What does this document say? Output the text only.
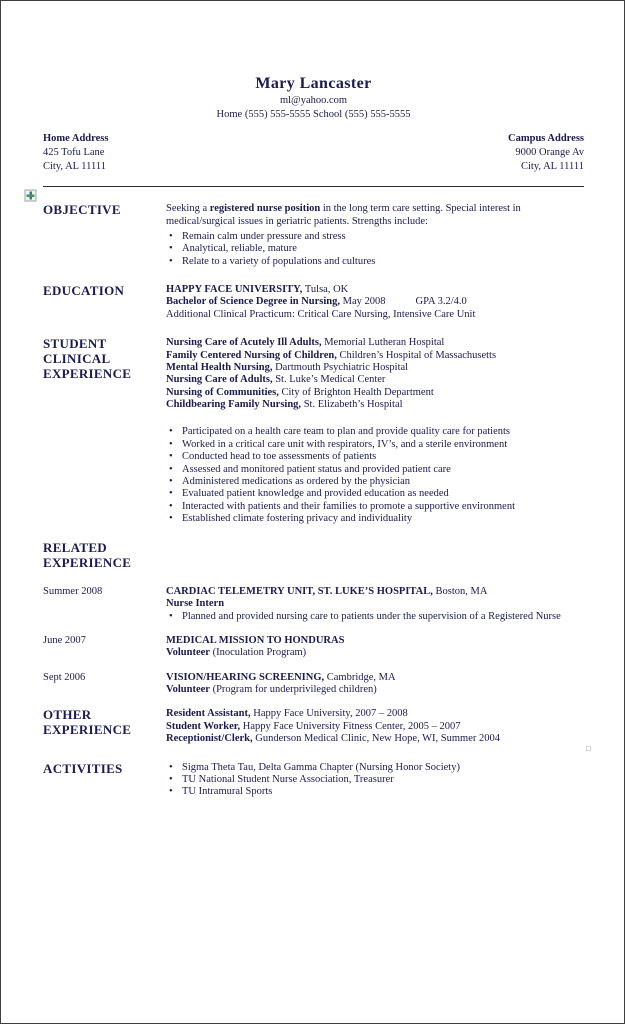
Mary Lancaster
ml@yahoo.com
Home (555) 555-5555 School (555) 555-5555
Home Address
425 Tofu Lane
City, AL 11111
Campus Address
9000 Orange Av
City, AL 11111
OBJECTIVE	Seeking a registered nurse position in the long term care setting. Special interest in medical/surgical issues in geriatric patients. Strengths include:
• Remain calm under pressure and stress
• Analytical, reliable, mature
• Relate to a variety of populations and cultures
EDUCATION	HAPPY FACE UNIVERSITY, Tulsa, OK
Bachelor of Science Degree in Nursing, May 2008	GPA 3.2/4.0
Additional Clinical Practicum: Critical Care Nursing, Intensive Care Unit
STUDENT
CLINICAL
EXPERIENCE
Nursing Care of Acutely Ill Adults, Memorial Lutheran Hospital
Family Centered Nursing of Children, Children’s Hospital of Massachusetts
Mental Health Nursing, Dartmouth Psychiatric Hospital
Nursing Care of Adults, St. Luke’s Medical Center
Nursing of Communities, City of Brighton Health Department
Childbearing Family Nursing, St. Elizabeth’s Hospital
• Participated on a health care team to plan and provide quality care for patients
• Worked in a critical care unit with respirators, IV’s, and a sterile environment
• Conducted head to toe assessments of patients
• Assessed and monitored patient status and provided patient care
• Administered medications as ordered by the physician
• Evaluated patient knowledge and provided education as needed
• Interacted with patients and their families to promote a supportive environment
• Established climate fostering privacy and individuality
RELATED
EXPERIENCE
Summer 2008	CARDIAC TELEMETRY UNIT, ST. LUKE’S HOSPITAL, Boston, MA
Nurse Intern
• Planned and provided nursing care to patients under the supervision of a Registered Nurse
June 2007	MEDICAL MISSION TO HONDURAS
Volunteer (Inoculation Program)
Sept 2006	VISION/HEARING SCREENING, Cambridge, MA
Volunteer (Program for underprivileged children)
OTHER
EXPERIENCE
Resident Assistant, Happy Face University, 2007 – 2008
Student Worker, Happy Face University Fitness Center, 2005 – 2007
Receptionist/Clerk, Gunderson Medical Clinic, New Hope, WI, Summer 2004
ACTIVITIES	• Sigma Theta Tau, Delta Gamma Chapter (Nursing Honor Society)
• TU National Student Nurse Association, Treasurer
• TU Intramural Sports
□
